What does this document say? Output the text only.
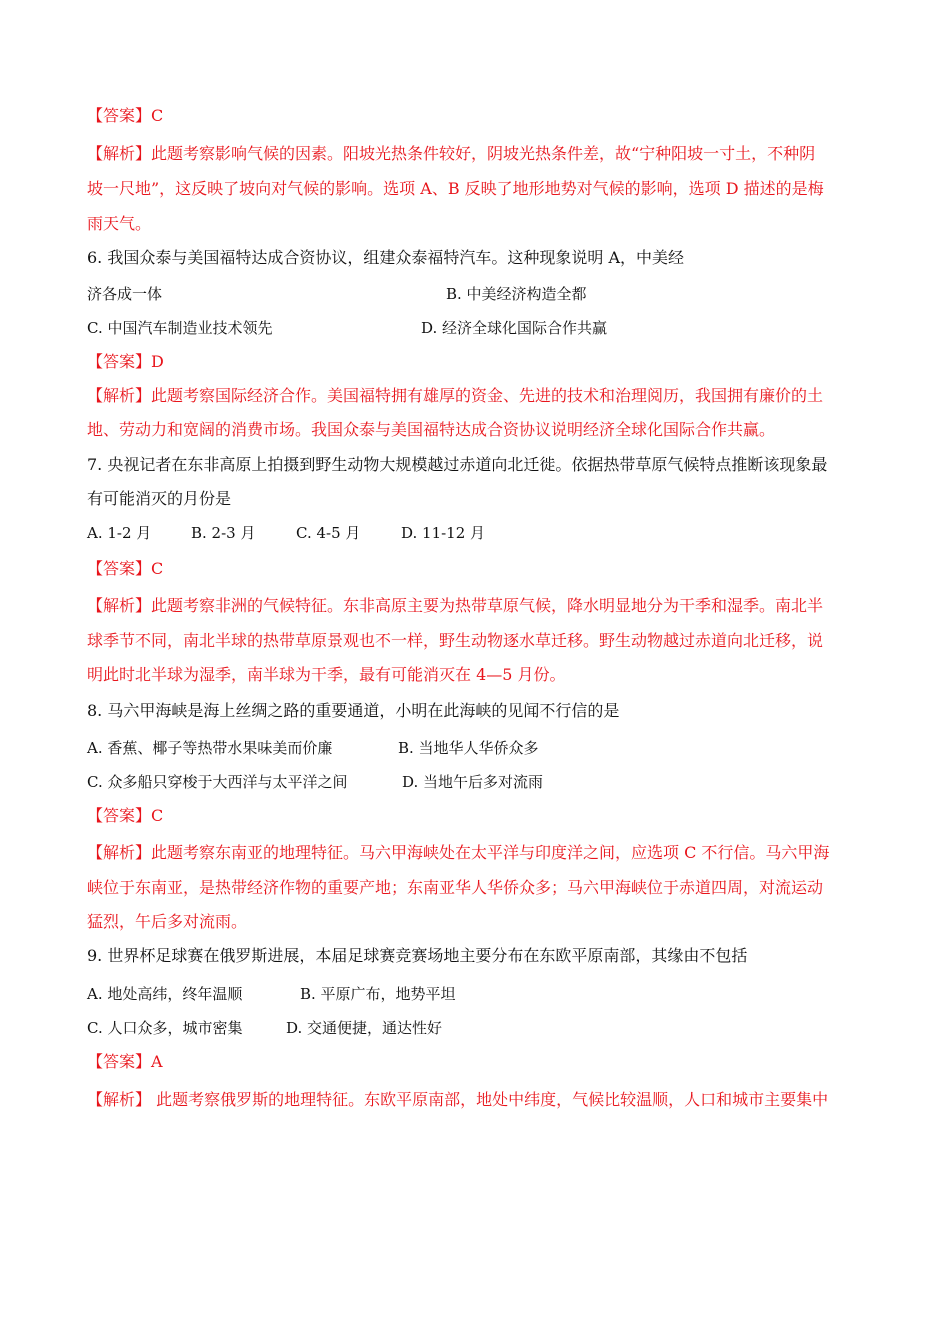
【答案】C
【解析】此题考察影响气候的因素。阳坡光热条件较好，阴坡光热条件差，故“宁种阳坡一寸土，不种阴
坡一尺地”，这反映了坡向对气候的影响。选项 A、B 反映了地形地势对气候的影响，选项 D 描述的是梅
雨天气。
6. 我国众泰与美国福特达成合资协议，组建众泰福特汽车。这种现象说明 A，中美经
济各成一体	B. 中美经济构造全都
C. 中国汽车制造业技术领先	D. 经济全球化国际合作共赢
【答案】D
【解析】此题考察国际经济合作。美国福特拥有雄厚的资金、先进的技术和治理阅历，我国拥有廉价的土
地、劳动力和宽阔的消费市场。我国众泰与美国福特达成合资协议说明经济全球化国际合作共赢。
7. 央视记者在东非高原上拍摄到野生动物大规模越过赤道向北迁徙。依据热带草原气候特点推断该现象最
有可能消灭的月份是
A. 1-2 月	B. 2-3 月	C. 4-5 月	D. 11-12 月
【答案】C
【解析】此题考察非洲的气候特征。东非高原主要为热带草原气候，降水明显地分为干季和湿季。南北半
球季节不同，南北半球的热带草原景观也不一样，野生动物逐水草迁移。野生动物越过赤道向北迁移，说
明此时北半球为湿季，南半球为干季，最有可能消灭在 4—5 月份。
8. 马六甲海峡是海上丝绸之路的重要通道，小明在此海峡的见闻不行信的是
A. 香蕉、椰子等热带水果味美而价廉	B. 当地华人华侨众多
C. 众多船只穿梭于大西洋与太平洋之间	D. 当地午后多对流雨
【答案】C
【解析】此题考察东南亚的地理特征。马六甲海峡处在太平洋与印度洋之间，应选项 C 不行信。马六甲海
峡位于东南亚，是热带经济作物的重要产地；东南亚华人华侨众多；马六甲海峡位于赤道四周，对流运动
猛烈，午后多对流雨。
9. 世界杯足球赛在俄罗斯进展，本届足球赛竞赛场地主要分布在东欧平原南部，其缘由不包括
A. 地处高纬，终年温顺	B. 平原广布，地势平坦
C. 人口众多，城市密集	D. 交通便捷，通达性好
【答案】A
【解析】 此题考察俄罗斯的地理特征。东欧平原南部，地处中纬度，气候比较温顺，人口和城市主要集中
